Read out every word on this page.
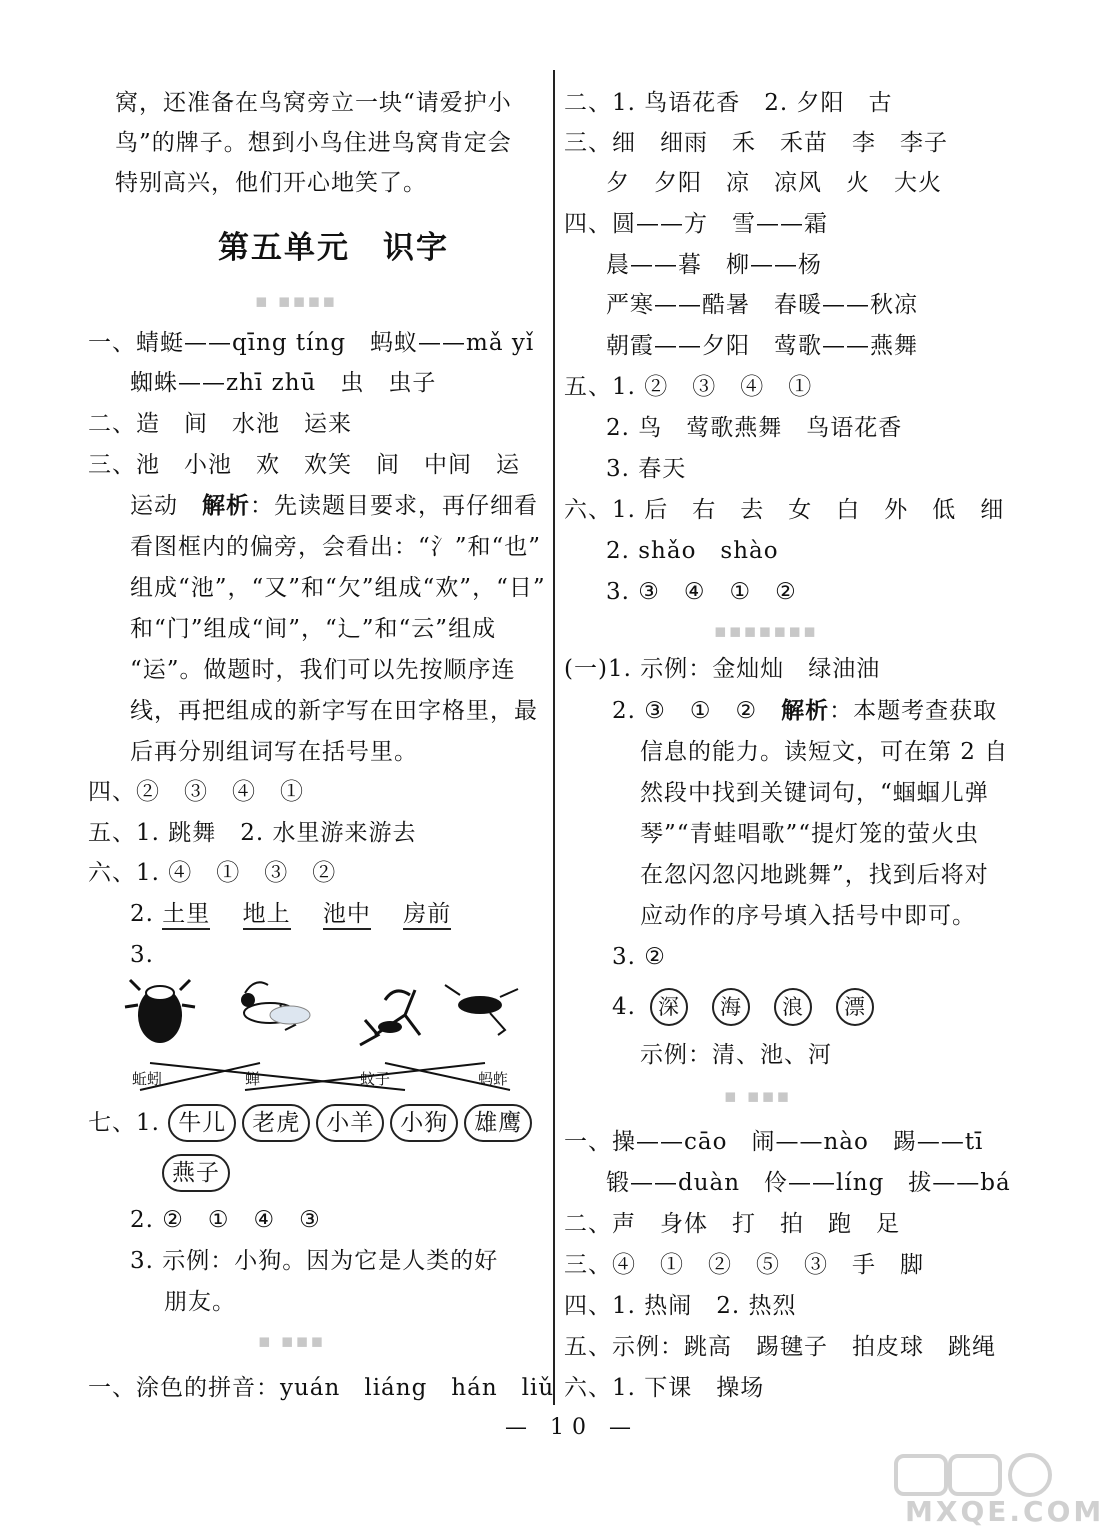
窝，还准备在鸟窝旁立一块“请爱护小
鸟”的牌子。想到小鸟住进鸟窝肯定会
特别高兴，他们开心地笑了。
第五单元　识字
▪ ▪▪▪▪
一、蜻蜓——qīng tíng　蚂蚁——mǎ yǐ
蜘蛛——zhī zhū　虫　虫子
二、造　间　水池　运来
三、池　小池　欢　欢笑　间　中间　运
运动　解析：先读题目要求，再仔细看
看图框内的偏旁，会看出：“氵”和“也”
组成“池”，“又”和“欠”组成“欢”，“日”
和“门”组成“间”，“辶”和“云”组成
“运”。做题时，我们可以先按顺序连
线，再把组成的新字写在田字格里，最
后再分别组词写在括号里。
四、②　③　④　①
五、1. 跳舞　2. 水里游来游去
六、1. ④　①　③　②
2. 土里　 地上　 池中　 房前
3.
蚯蚓	蝉	蚊子	蚂蚱
七、1. 牛儿 老虎 小羊 小狗 雄鹰
燕子
2. ②　①　④　③
3. 示例：小狗。因为它是人类的好
朋友。
▪ ▪▪▪
一、涂色的拼音：yuán　liáng　hán　liǔ
二、1. 鸟语花香　2. 夕阳　古
三、细　细雨　禾　禾苗　李　李子
夕　夕阳　凉　凉风　火　大火
四、圆——方　雪——霜
晨——暮　柳——杨
严寒——酷暑　春暖——秋凉
朝霞——夕阳　莺歌——燕舞
五、1. ②　③　④　①
2. 鸟　莺歌燕舞　鸟语花香
3. 春天
六、1. 后　右　去　女　白　外　低　细
2. shǎo　shào
3. ③　④　①　②
▪▪▪▪▪▪▪
(一)1. 示例：金灿灿　绿油油
2. ③　①　②　解析：本题考查获取
信息的能力。读短文，可在第 2 自
然段中找到关键词句，“蝈蝈儿弹
琴”“青蛙唱歌”“提灯笼的萤火虫
在忽闪忽闪地跳舞”，找到后将对
应动作的序号填入括号中即可。
3. ②
4. 深 海 浪 漂
示例：清、池、河
▪ ▪▪▪
一、操——cāo　闹——nào　踢——tī
锻——duàn　伶——líng　拔——bá
二、声　身体　打　拍　跑　足
三、④　①　②　⑤　③　手　脚
四、1. 热闹　2. 热烈
五、示例：跳高　踢毽子　拍皮球　跳绳
六、1. 下课　操场
— 10 —
MXQE.COM
